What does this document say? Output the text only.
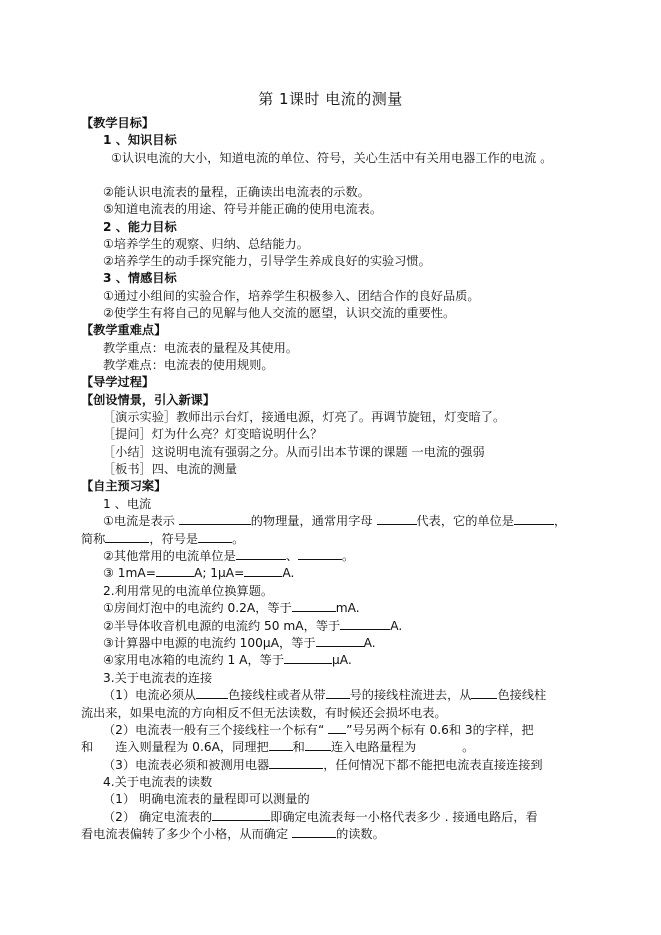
第 1课时 电流的测量
【教学目标】
1 、知识目标
①认识电流的大小，知道电流的单位、符号，关心生活中有关用电器工作的电流 。
②能认识电流表的量程，正确读出电流表的示数。
⑤知道电流表的用途、符号并能正确的使用电流表。
2 、能力目标
①培养学生的观察、归纳、总结能力。
②培养学生的动手探究能力，引导学生养成良好的实验习惯。
3 、情感目标
①通过小组间的实验合作，培养学生积极参入、团结合作的良好品质。
②使学生有将自己的见解与他人交流的愿望，认识交流的重要性。
【教学重难点】
教学重点：电流表的量程及其使用。
教学难点：电流表的使用规则。
【导学过程】
【创设情景，引入新课】
［演示实验］教师出示台灯，接通电源，灯亮了。再调节旋钮，灯变暗了。
［提问］灯为什么亮？灯变暗说明什么？
［小结］这说明电流有强弱之分。从而引出本节课的课题 一电流的强弱
［板书］四、电流的测量
【自主预习案】
1 、电流
①电流是表示	的物理量，通常用字母	代表，它的单位是	，
简称	，符号是	。
②其他常用的电流单位是	、	。
③ 1mA=	A; 1μA=	A.
2.利用常见的电流单位换算题。
①房间灯泡中的电流约 0.2A，等于	mA.
②半导体收音机电源的电流约 50 mA，等于	A.
③计算器中电源的电流约 100μA，等于	A.
④家用电冰箱的电流约 1 A，等于	μA.
3.关于电流表的连接
（1）电流必须从	色接线柱或者从带 号的接线柱流进去，从 色接线柱
流出来，如果电流的方向相反不但无法读数，有时候还会损坏电表。
（2）电流表一般有三个接线柱一个标有“ ”号另两个标有 0.6和 3的字样，把
和 连入则量程为 0.6A，同理把 和 连入电路量程为	。
（3）电流表必须和被测用电器	，任何情况下都不能把电流表直接连接到
4.关于电流表的读数
（1） 明确电流表的量程即可以测量的
（2） 确定电流表的	即确定电流表每一小格代表多少 . 接通电路后，看
看电流表偏转了多少个小格，从而确定	的读数。
